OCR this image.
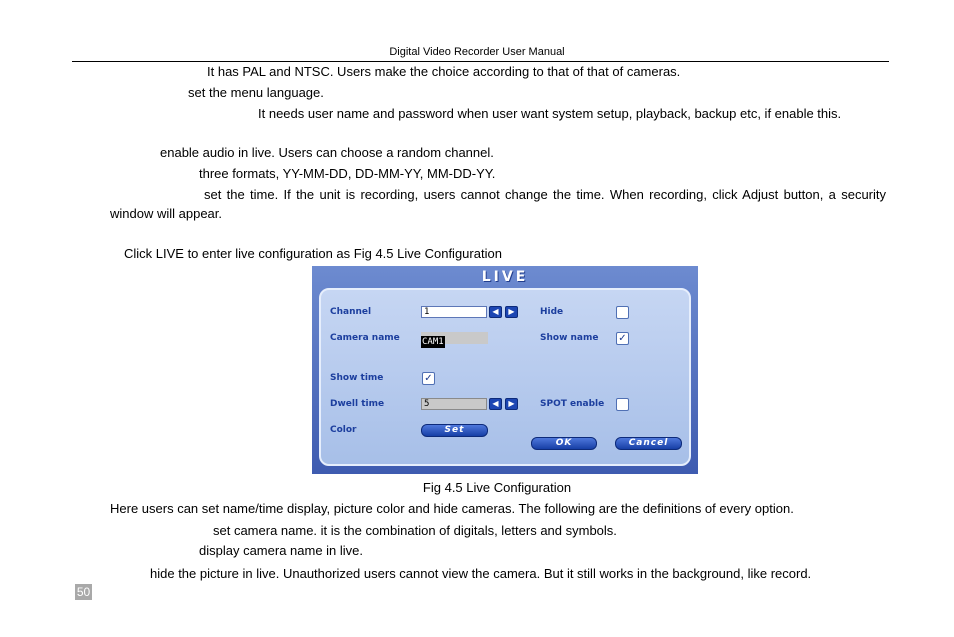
Digital Video Recorder User Manual
It has PAL and NTSC. Users make the choice according to that of that of cameras.
set the menu language.
It needs user name and password when user want system setup, playback, backup etc, if enable this.
enable audio in live. Users can choose a random channel.
three formats, YY-MM-DD, DD-MM-YY, MM-DD-YY.
set the time. If the unit is recording, users cannot change the time. When recording, click Adjust button, a security window will appear.
Click LIVE to enter live configuration as Fig 4.5 Live Configuration
LIVE
Channel	1	◀	▶	Hide
Camera name CAM1	Show name ✓
Show time	✓
Dwell time	5	◀	▶	SPOT enable
Color	Set
OK	Cancel
Fig 4.5 Live Configuration
Here users can set name/time display, picture color and hide cameras. The following are the definitions of every option.
set camera name. it is the combination of digitals, letters and symbols.
display camera name in live.
hide the picture in live. Unauthorized users cannot view the camera. But it still works in the background, like record.
50
